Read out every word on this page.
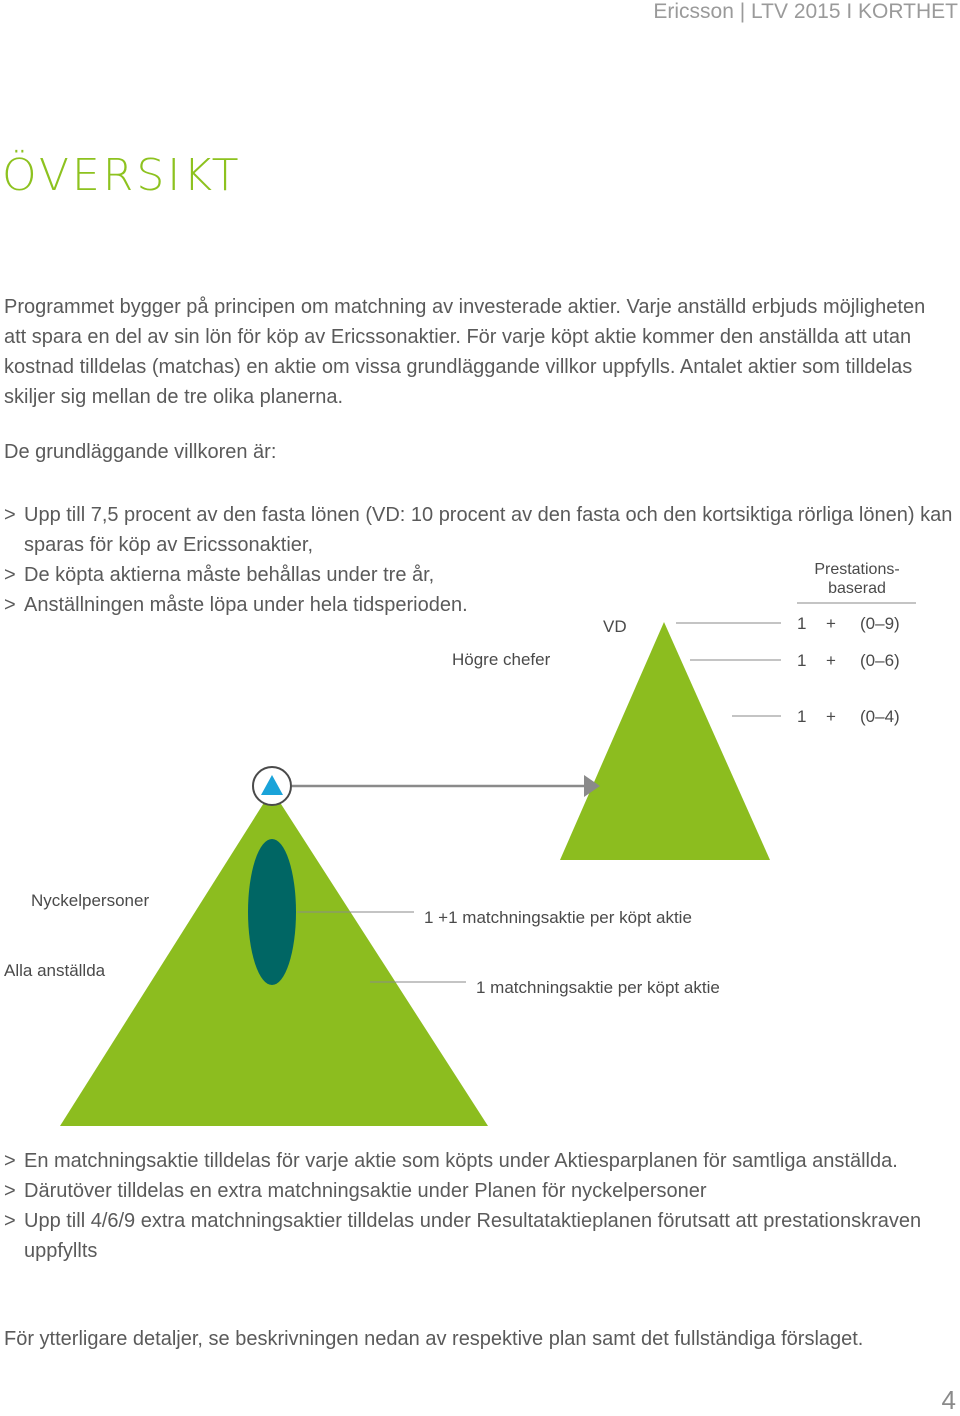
Ericsson | LTV 2015 I KORTHET
ÖVERSIKT

Programmet bygger på principen om matchning av investerade aktier. Varje anställd erbjuds möjligheten att spara en del av sin lön för köp av Ericssonaktier. För varje köpt aktie kommer den anställda att utan kostnad tilldelas (matchas) en aktie om vissa grundläggande villkor uppfylls. Antalet aktier som tilldelas skiljer sig mellan de tre olika planerna.

De grundläggande villkoren är:

> Upp till 7,5 procent av den fasta lönen (VD: 10 procent av den fasta och den kortsiktiga rörliga lönen) kan sparas för köp av Ericssonaktier,
> De köpta aktierna måste behållas under tre år,
> Anställningen måste löpa under hela tidsperioden.
Prestations-
baserad
VD
Högre chefer
1 + (0–9)
1 + (0–6)
1 + (0–4)
Nyckelpersoner
Alla anställda
1 +1 matchningsaktie per köpt aktie
1 matchningsaktie per köpt aktie
> En matchningsaktie tilldelas för varje aktie som köpts under Aktiesparplanen för samtliga anställda.
> Därutöver tilldelas en extra matchningsaktie under Planen för nyckelpersoner
> Upp till 4/6/9 extra matchningsaktier tilldelas under Resultataktieplanen förutsatt att prestationskraven uppfyllts

För ytterligare detaljer, se beskrivningen nedan av respektive plan samt det fullständiga förslaget.

4
